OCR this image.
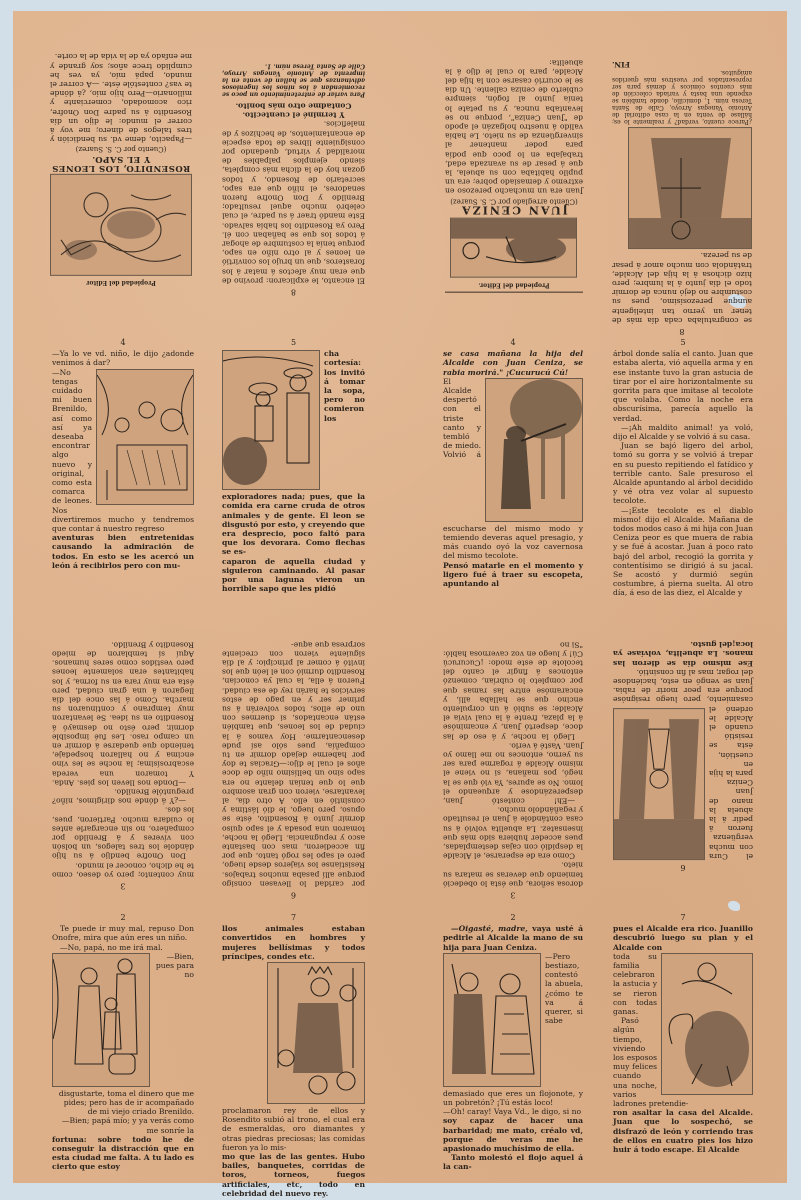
Propiedad del Editor
ROSENDITO, LOS LEONES Y EL SAPO.
(Cuento por C. S. Suarez)

—Papacito, deme vd. su bendición y tres talegos de dinero; me voy á correr el mundo: le dijo un día Rosendito á su padre Don Onofre, rico acomodado, comerciante y millonario—Pero hijo mío, ¿á dónde te vas? contestóle éste. —A correr el mundo, papá mío, ya ves he cumplido trece años; soy grande y me enfado ya de la vida de la corte.

8

El encanto, le explicaron: provino de que eran muy afectos á matar á los forasteros, que un brujo los convirtió en leones y al otro niño en sapo, porque tenía la costumbre de ahogar á todos los que se bañaban con él. Pero ya Rosendito los había salvado. Este mandó traer á su padre, el cual celebró mucho aquel resultado; Brenildo y Don Onofre fueron senadores, el niño que era sapo, secretario de Rosendo, y todos gozan hoy de la dicha más completa, siendo ejemplos palpables de moralidad y virtud, quedando por consiguiente libres de toda especie de encantamientos, de hechizos y de maleficios.

Y terminé el cuentecito.

Contadme otro más bonito.

Para variar de entretenimiento un poco se recomiendan á los niños los ingeniosos adivinanzas que se hallan de venta en la imprenta de Antonio Vanegas Arroyo, Calle de Santa Teresa núm. 1.

Propiedad del Editor.
JUAN CENIZA
(Cuento arreglado por C. S. Suarez)

Juan era un muchacho perezoso en extremo y demasiado pobre; era un pupilo habitaba con su abuela, la que á pesar de su avanzada edad, trabajaba en lo poco que podía para poder mantener al sinvergüenza de su nieto. Le había valido á nuestro holgazán el apodo de "Juan Ceniza", porque no se levantaba nunca, y su petate lo tenía junto al fogón, siempre cubierto de ceniza caliente. Un día se le ocurrió casarse con la hija del Alcalde, para lo cual le dijo á la abuelita:

8

se congratulaba cada día más de tener un yerno tan inteligente aunque perezosísimo, pues su costumbre no dejó nunca de dormir todo el día junto á la lumbre; pero hizo dichosa á la hija del Alcalde, tratándola con mucho amor á pesar de su pereza.

¿Parece cuento, verdad? y realmente lo es; hállase de venta en la casa editorial de Antonio Vanegas Arroyo, Calle de Santa Teresa núm. 1, domicilio, donde también se expende una basta y variada colección de más cuentos cómicos y demás para ser representados por vuestros más queridos amiguitos.

FIN.

4

—Ya lo ve vd. niño, le dijo ¿adonde venimos á dar?

—No tengas cuidado mi buen Brenildo, así como así ya deseaba encontrar algo nuevo y original, como esta comarca de leones. Nos divertiremos mucho y tendremos que contar á nuestro regreso

aventuras bien entretenidas causando la admiración de todos. En esto se les acercó un león á recibirlos pero con mu-

5

cha cortesía: los invitó á tomar la sopa, pero no comieron los exploradores nada; pues, que la comida era carne cruda de otros animales y de gente. El leon se disgustó por esto, y creyendo que era desprecio, poco faltó para que los devorara. Como flechas se es-

caparon de aquella ciudad y siguieron caminando. Al pasar por una laguna vieron un horrible sapo que les pidió

4

se casa mañana la hija del Alcalde con Juan Ceniza, se rabia morirá." ¡Cucurucú Cú!

El Alcalde despertó con el triste canto y tembló de miedo. Volvió á escucharse del mismo modo y temiendo deveras aquel presagio, y más cuando oyó la voz cavernosa del mismo tecolote.

Pensó matarle en el momento y ligero fué á traer su escopeta, apuntando al

5

árbol donde salía el canto. Juan que estaba alerta, vió aquella arma y en ese instante tuvo la gran astucia de tirar por el aire horizontalmente su gorrita para que imitase al tecolote que volaba. Como la noche era obscurísima, parecía aquello la verdad.

—¡Ah maldito animal! ya voló, dijo el Alcalde y se volvió á su casa.

Juan se bajó ligero del arbol, tomó su gorra y se volvió á trepar en su puesto repitiendo el fatídico y terrible canto. Sale presuroso el Alcalde apuntando al árbol decidido y vé otra vez volar al supuesto tecolote.

—¡Este tecolote es el diablo mismo! dijo el Alcalde. Mañana de todos modos caso á mi hija con Juan Ceniza peor es que muera de rabia y se fué á acostar. Juan á poco rato bajó del arbol, recogió la gorrita y contentísimo se dirigió á su jacal. Se acostó y durmió según costumbre, á pierna suelta. Al otro día, á eso de las diez, el Alcalde y

3

muy contento; pero yo deseo, como te he dicho, conocer el mundo.

Don Onofre bendijo á su hijo dándole los tres talegos, un bolsón con víveres y á Brenildo por compañero, no sin encargarle antes lo cuidara mucho. Partieron, pues, los dos.

—¿Y á dónde nos dirigimos, niño? preguntóle Brenildo.

—Donde nos lleven los pies. Anda. Y tomaron una vereda escabrosísima; la noche se les vino encima y no hallaron hospedaje, teniendo que quedarse á dormir en un campo raso. Les fué imposible dormir, pero ésto no desmayó á Rosendito en su idea. Se levantaron muy temprano y continuaron su marcha. Como á las once del día llegaron á una gran ciudad, pero ésta era muy rara en su forma, y los habitantes eran solamente leones pero vestidos como seres humanos. Aquí sí temblaron de miedo Rosendito y Brenildo.

6

por caridad lo llevasen consigo porque allí pasaba muchos trabajos. Resistíanse los viajeros desde luego, pero el sapo les rogó tanto, que por fin accedieron, mas con bastante asco y repugnancia. Llegó la noche, tomaron una posada y el sapo quiso dormir junto á Rosendito, éste se opuso, pero luego, le dió lástima y consintió en ello. A otro día, al levantarse, vieron con gran asombro que lo que tenían delante no era sapo sino un bellísimo niño de doce años el cual le dijo:—Gracias te doy por haberme dejado dormir en tu compañía, pues sólo así pude desencantarme. Hoy vamos á la ciudad de los leones, que también están encantados, si duermes con uno de ellos, todos volverán á su primer ser y en pago de estos servicios te harán rey de esa ciudad. Fueron á ella, la cual ya conocían, Rosendito durmió con el león que los invitó á comer al principio; y al día siguiente vieron con creciente sorpresa que aque-

3

dorosa señora, que ésta lo obedeció temiendo que deveras se matara su nieto.

Como era de esperarse, el Alcalde la despidió con cajas destempladas, pues acceder hubiera sido más que insensatez. La abuelita volvió á su casa contándole á Juan el resultado y regañándolo mucho.

—Eh! contestó Juan, desperezándose y arqueando el lomo. No se apures, Ya vió que se la negó, pos mañana, si no viene el mismo Alcalde á rogarme para ser su yerno, entonces no me llamo yo Juan. Vasté á verlo.

Llegó la noche, y á eso de las doce, despertó Juan, y encaminóse á la plaza, frente á la cual vivía el Alcalde; se subió á un corpulento encino que se hallaba allí, y encaramóse entre las ramas que por completo lo cubrían, comenzó entonces á fingir el canto del tecolote de este modo: ¡Cucurucú Cú! y luego en voz cavernosa habló: "Si no

6

el Cura con mucha vergüenza fueron á pedir á la abuela la mano de Juan Ceniza para la hija en cuestión, ésta se resistió cuando el Alcalde le ordenó el casamiento, pero luego resignóse porque era peor morir de rabia. Juan se vengó en esto, haciéndose del rogar, mas al fin consintió.

Ese mismo día se dieron las manos. La abuelita, volvíase ya loca¡del gusto.

2

Te puede ir muy mal, repuso Don Onofre, mira que aún eres un niño.

—No, papá, no me irá mal.

—Bien, pues para no disgustarte, toma el dinero que me pides; pero has de ir acompañado de mi viejo criado Brenildo.

—Bien; papá mío; y ya verás como me sonríe la

fortuna: sobre todo he de conseguir la distracción que en esta ciudad me falta. A tu lado es cierto que estoy

7

llos animales estaban convertidos en hombres y mujeres bellísimas y todos príncipes, condes etc.

proclamaron rey de ellos y Rosendito subió al trono, el cual era de esmeraldas, oro diamantes y otras piedras preciosas; las comidas fueron ya lo mis-

mo que las de las gentes. Hubo bailes, banquetes, corridas de toros, torneos, fuegos artificiales, etc, todo en celebridad del nuevo rey.

2

—Oigasté, madre, vaya usté á pedirle al Alcalde la mano de su hija para Juan Ceniza.

—Pero bestiazo, contestó la abuela, ¿cómo te va á querer, si sabe demasiado que eres un flojonote, y un pobretón? ¡Tú estás loco!

—Oh! caray! Vaya Vd., le digo, si no

soy capaz de hacer una barbaridad; me mato, créalo vd, porque de veras me he apasionado muchísimo de ella.

Tanto molestó el flojo aquel á la can-

7

pues el Alcalde era rico. Juanillo descubrió luego su plan y el Alcalde con

toda su familia celebraron la astucia y se rieron con todas ganas.

Pasó algún tiempo, viviendo los esposos muy felices cuando una noche, varios ladrones pretendie-

ron asaltar la casa del Alcalde. Juan que lo sospechó, se disfrazó de león y corriendo tras de ellos en cuatro pies los hizo huir á todo escape. El Alcalde
